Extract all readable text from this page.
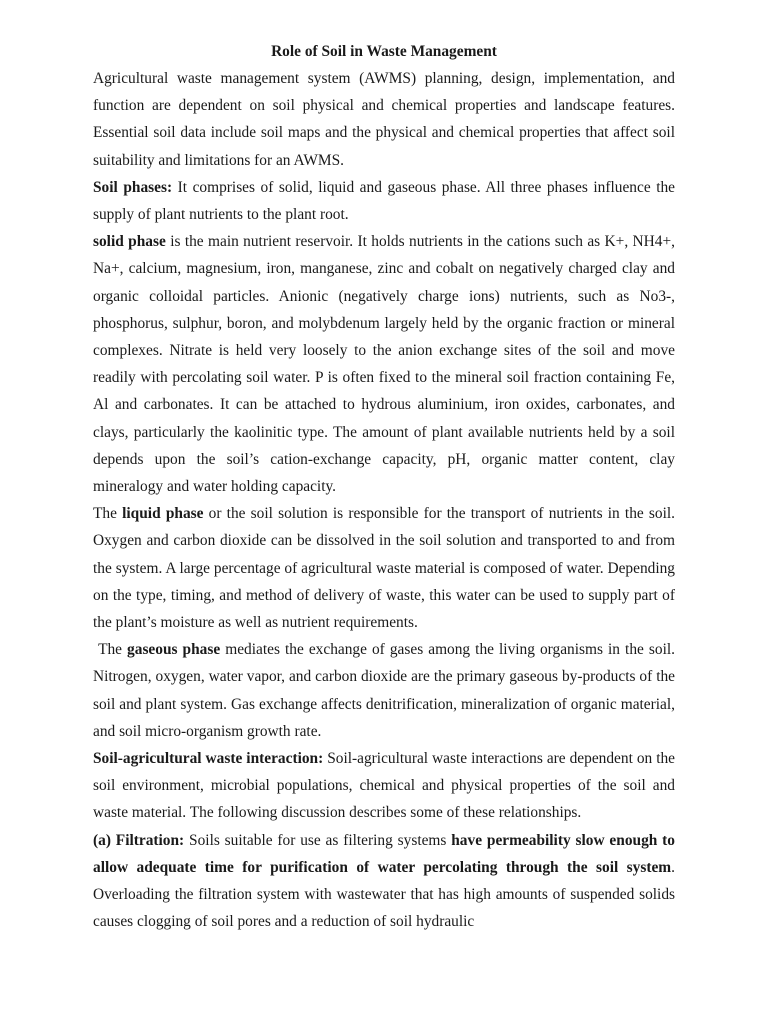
Role of Soil in Waste Management

Agricultural waste management system (AWMS) planning, design, implementation, and function are dependent on soil physical and chemical properties and landscape features. Essential soil data include soil maps and the physical and chemical properties that affect soil suitability and limitations for an AWMS.

Soil phases: It comprises of solid, liquid and gaseous phase. All three phases influence the supply of plant nutrients to the plant root.

solid phase is the main nutrient reservoir. It holds nutrients in the cations such as K+, NH4+, Na+, calcium, magnesium, iron, manganese, zinc and cobalt on negatively charged clay and organic colloidal particles. Anionic (negatively charge ions) nutrients, such as No3-, phosphorus, sulphur, boron, and molybdenum largely held by the organic fraction or mineral complexes. Nitrate is held very loosely to the anion exchange sites of the soil and move readily with percolating soil water. P is often fixed to the mineral soil fraction containing Fe, Al and carbonates. It can be attached to hydrous aluminium, iron oxides, carbonates, and clays, particularly the kaolinitic type. The amount of plant available nutrients held by a soil depends upon the soil’s cation-exchange capacity, pH, organic matter content, clay mineralogy and water holding capacity.

The liquid phase or the soil solution is responsible for the transport of nutrients in the soil. Oxygen and carbon dioxide can be dissolved in the soil solution and transported to and from the system. A large percentage of agricultural waste material is composed of water. Depending on the type, timing, and method of delivery of waste, this water can be used to supply part of the plant’s moisture as well as nutrient requirements.

The gaseous phase mediates the exchange of gases among the living organisms in the soil. Nitrogen, oxygen, water vapor, and carbon dioxide are the primary gaseous by-products of the soil and plant system. Gas exchange affects denitrification, mineralization of organic material, and soil micro-organism growth rate.

Soil-agricultural waste interaction: Soil-agricultural waste interactions are dependent on the soil environment, microbial populations, chemical and physical properties of the soil and waste material. The following discussion describes some of these relationships.

(a) Filtration: Soils suitable for use as filtering systems have permeability slow enough to allow adequate time for purification of water percolating through the soil system. Overloading the filtration system with wastewater that has high amounts of suspended solids causes clogging of soil pores and a reduction of soil hydraulic
